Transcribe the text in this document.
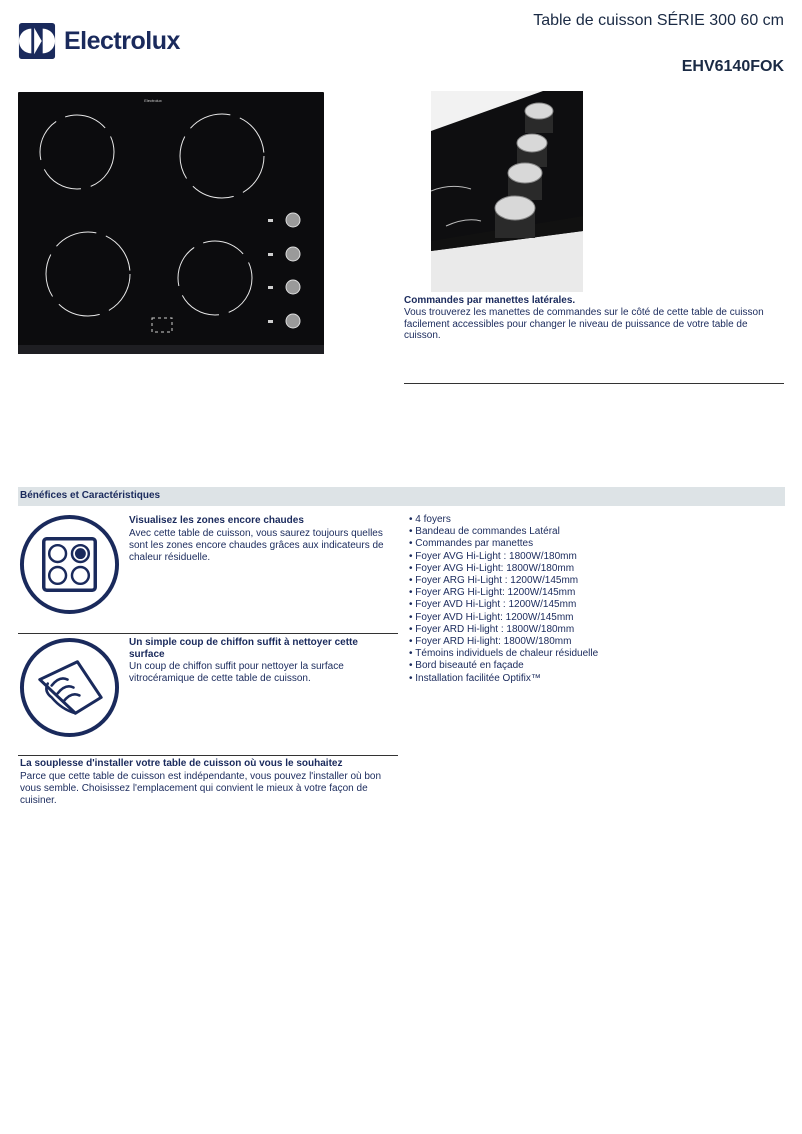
Electrolux
Table de cuisson SÉRIE 300 60 cm
EHV6140FOK
Electrolux
Commandes par manettes latérales.
Vous trouverez les manettes de commandes sur le côté de cette table de cuisson facilement accessibles pour changer le niveau de puissance de votre table de cuisson.
Bénéfices et Caractéristiques
Visualisez les zones encore chaudes
Avec cette table de cuisson, vous saurez toujours quelles sont les zones encore chaudes grâces aux indicateurs de chaleur résiduelle.
Un simple coup de chiffon suffit à nettoyer cette surface
Un coup de chiffon suffit pour nettoyer la surface vitrocéramique de cette table de cuisson.
La souplesse d'installer votre table de cuisson où vous le souhaitez
Parce que cette table de cuisson est indépendante, vous pouvez l'installer où bon vous semble. Choisissez l'emplacement qui convient le mieux à votre façon de cuisiner.
• 4 foyers
• Bandeau de commandes Latéral
• Commandes par manettes
• Foyer AVG Hi-Light : 1800W/180mm
• Foyer AVG Hi-Light: 1800W/180mm
• Foyer ARG Hi-Light : 1200W/145mm
• Foyer ARG Hi-Light: 1200W/145mm
• Foyer AVD Hi-Light : 1200W/145mm
• Foyer AVD Hi-Light: 1200W/145mm
• Foyer ARD Hi-light : 1800W/180mm
• Foyer ARD Hi-light: 1800W/180mm
• Témoins individuels de chaleur résiduelle
• Bord biseauté en façade
• Installation facilitée Optifix™
